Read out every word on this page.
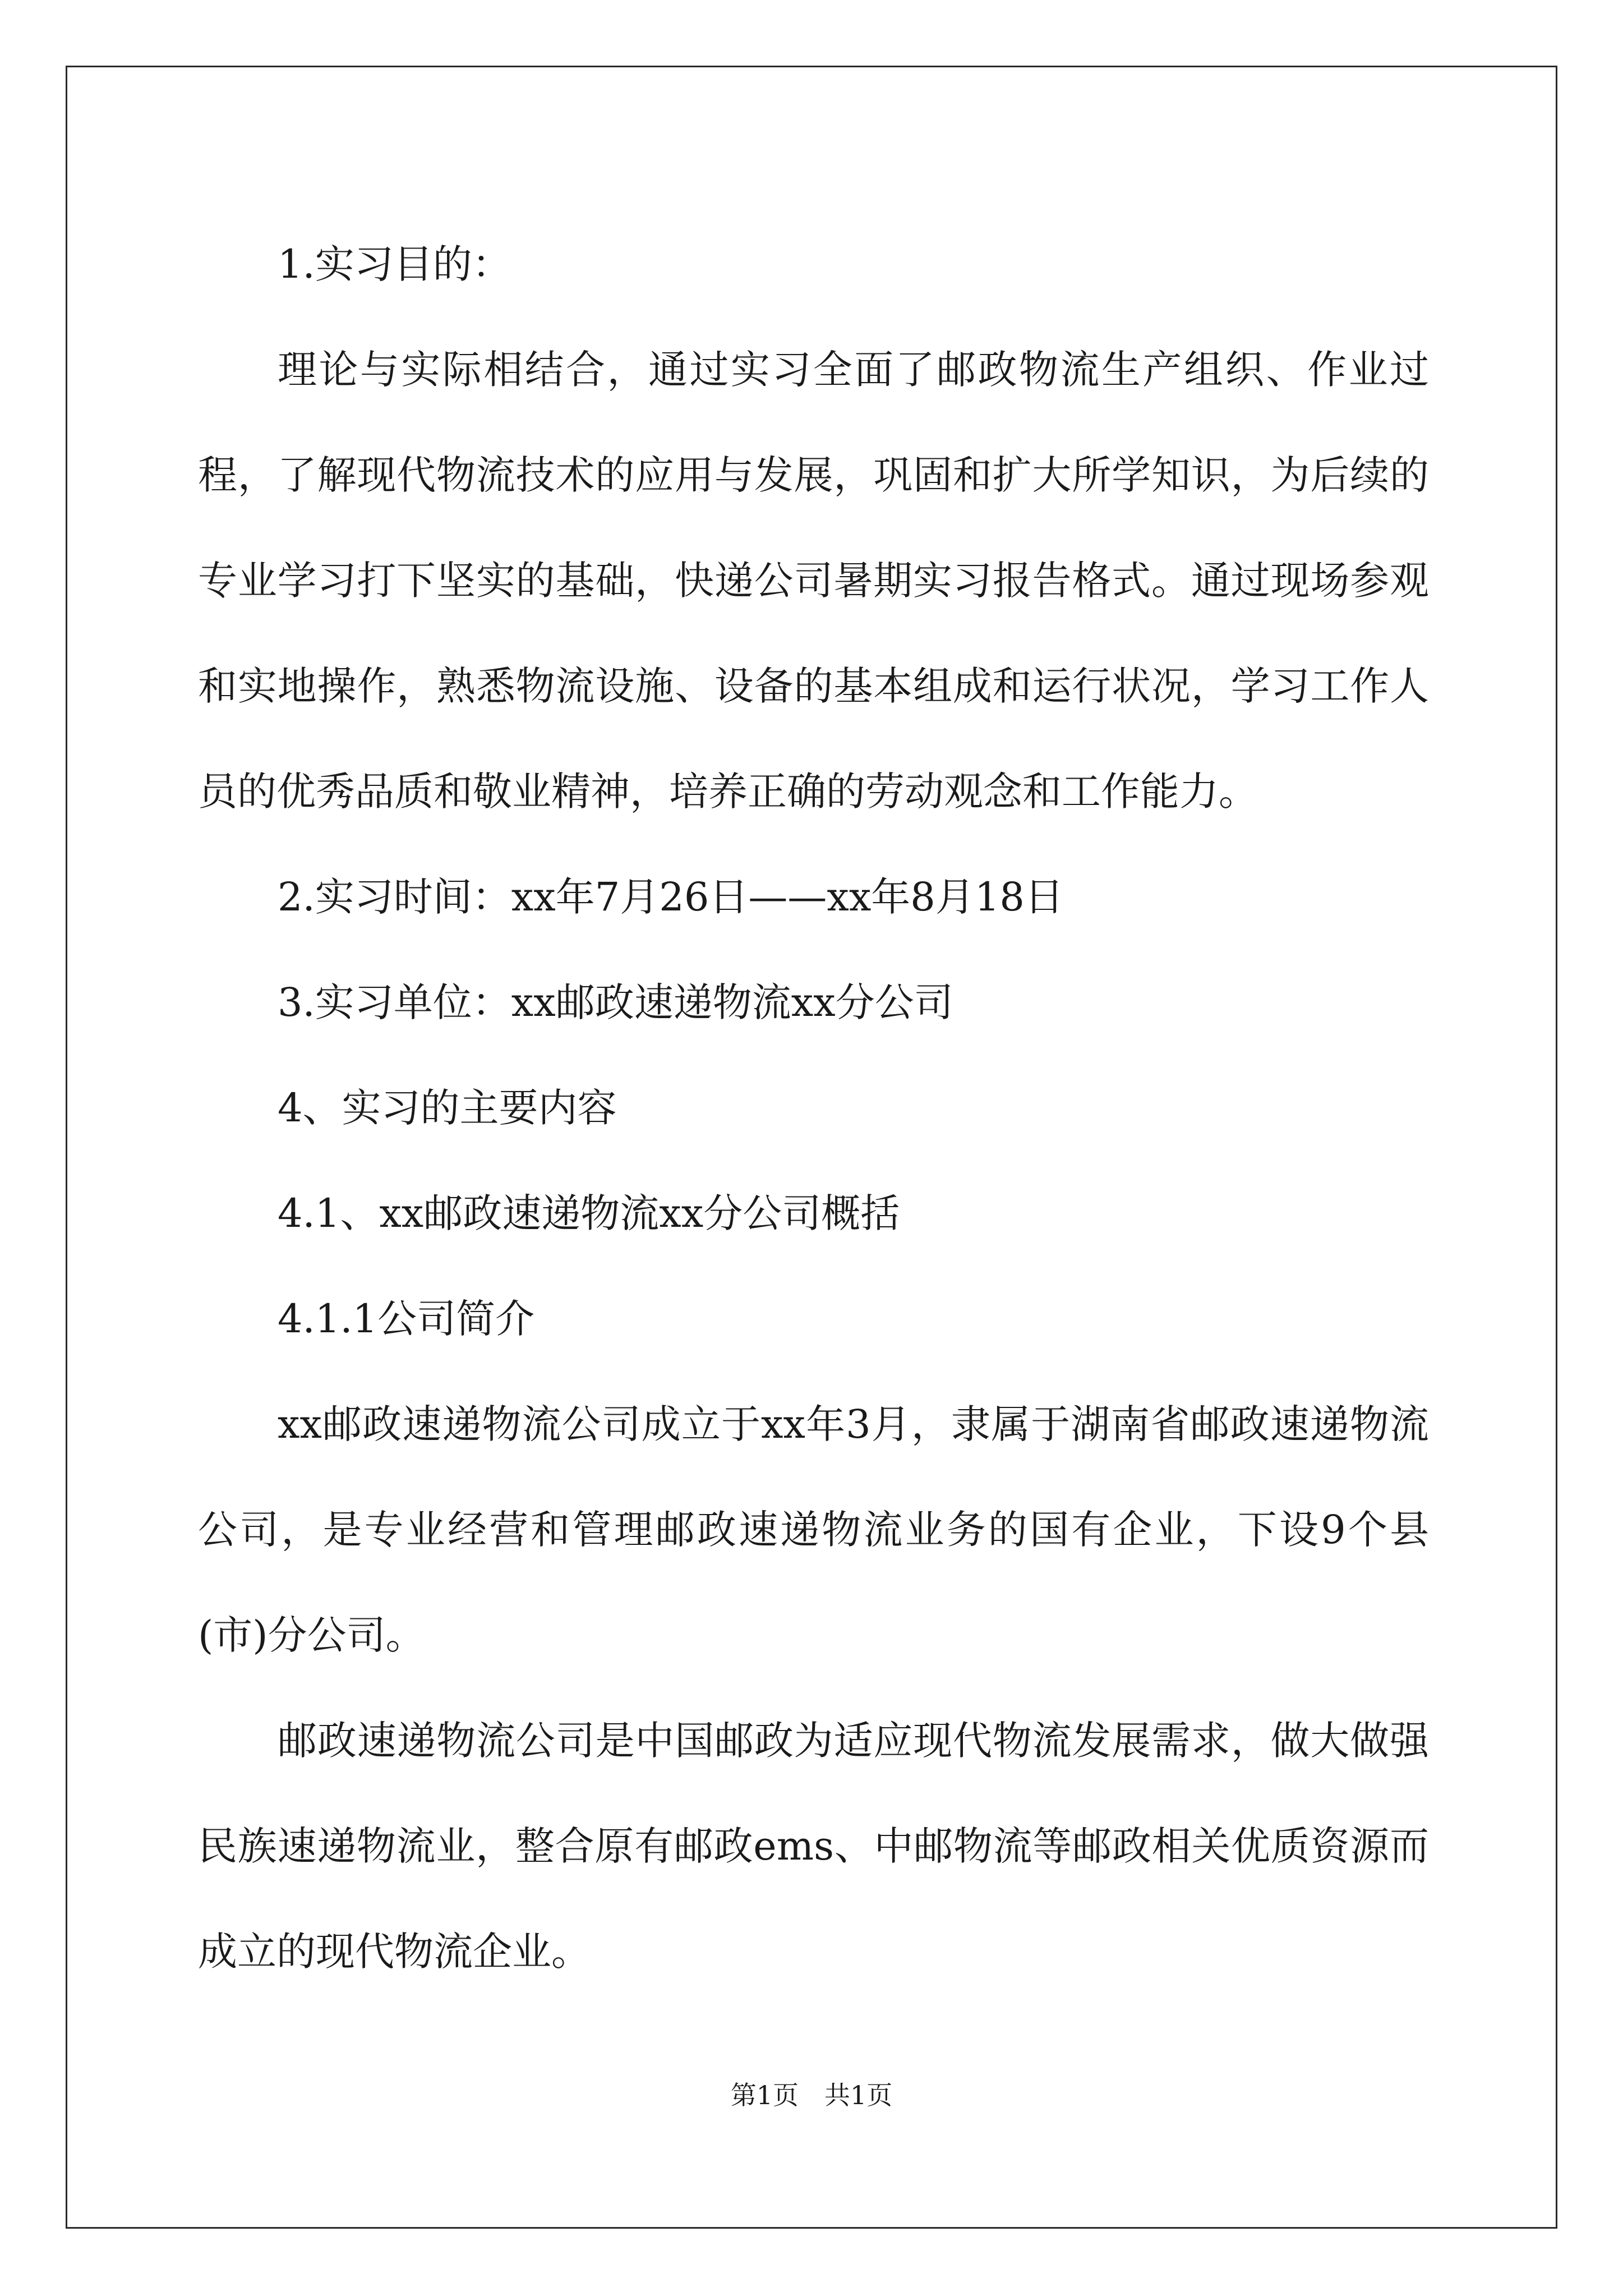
1.实习目的：

理论与实际相结合，通过实习全面了邮政物流生产组织、作业过程，了解现代物流技术的应用与发展，巩固和扩大所学知识，为后续的专业学习打下坚实的基础，快递公司暑期实习报告格式。通过现场参观和实地操作，熟悉物流设施、设备的基本组成和运行状况，学习工作人员的优秀品质和敬业精神，培养正确的劳动观念和工作能力。

2.实习时间：xx年7月26日——xx年8月18日

3.实习单位：xx邮政速递物流xx分公司

4、实习的主要内容

4.1、xx邮政速递物流xx分公司概括

4.1.1公司简介

xx邮政速递物流公司成立于xx年3月，隶属于湖南省邮政速递物流公司，是专业经营和管理邮政速递物流业务的国有企业，下设9个县(市)分公司。

邮政速递物流公司是中国邮政为适应现代物流发展需求，做大做强民族速递物流业，整合原有邮政ems、中邮物流等邮政相关优质资源而成立的现代物流企业。

第1页　共1页
